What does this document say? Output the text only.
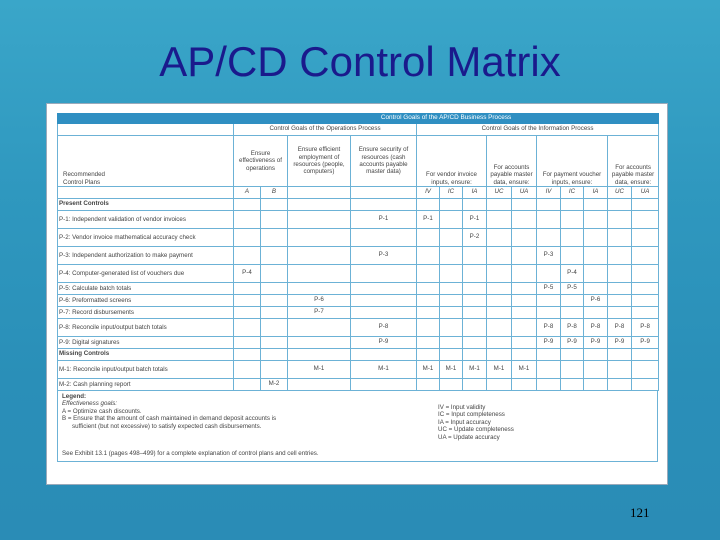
AP/CD Control Matrix
	Control Goals of the AP/CD Business Process													
	Control Goals of the Operations Process				Control Goals of the Information Process									
Recommended Control Plans	Ensure effectiveness of operations		Ensure efficient employment of resources (people, computers)	Ensure security of resources (cash accounts payable master data)	For vendor invoice inputs, ensure:			For accounts payable master data, ensure:		For payment voucher inputs, ensure:			For accounts payable master data, ensure:	
	A	B			IV	IC	IA	UC	UA	IV	IC	IA	UC	UA
Present Controls														
P-1: Independent validation of vendor invoices				P-1	P-1		P-1							
P-2: Vendor invoice mathematical accuracy check							P-2							
P-3: Independent authorization to make payment				P-3						P-3				
P-4: Computer-generated list of vouchers due	P-4										P-4			
P-5: Calculate batch totals										P-5	P-5			
P-6: Preformatted screens			P-6									P-6		
P-7: Record disbursements			P-7											
P-8: Reconcile input/output batch totals				P-8						P-8	P-8	P-8	P-8	P-8
P-9: Digital signatures				P-9						P-9	P-9	P-9	P-9	P-9
Missing Controls														
M-1: Reconcile input/output batch totals			M-1	M-1	M-1	M-1	M-1	M-1	M-1					
M-2: Cash planning report		M-2												
Legend:
Effectiveness goals:
A = Optimize cash discounts.
B = Ensure that the amount of cash maintained in demand deposit accounts is
sufficient (but not excessive) to satisfy expected cash disbursements.
IV = Input validity
IC = Input completeness
IA = Input accuracy
UC = Update completeness
UA = Update accuracy
See Exhibit 13.1 (pages 498–499) for a complete explanation of control plans and cell entries.
121
